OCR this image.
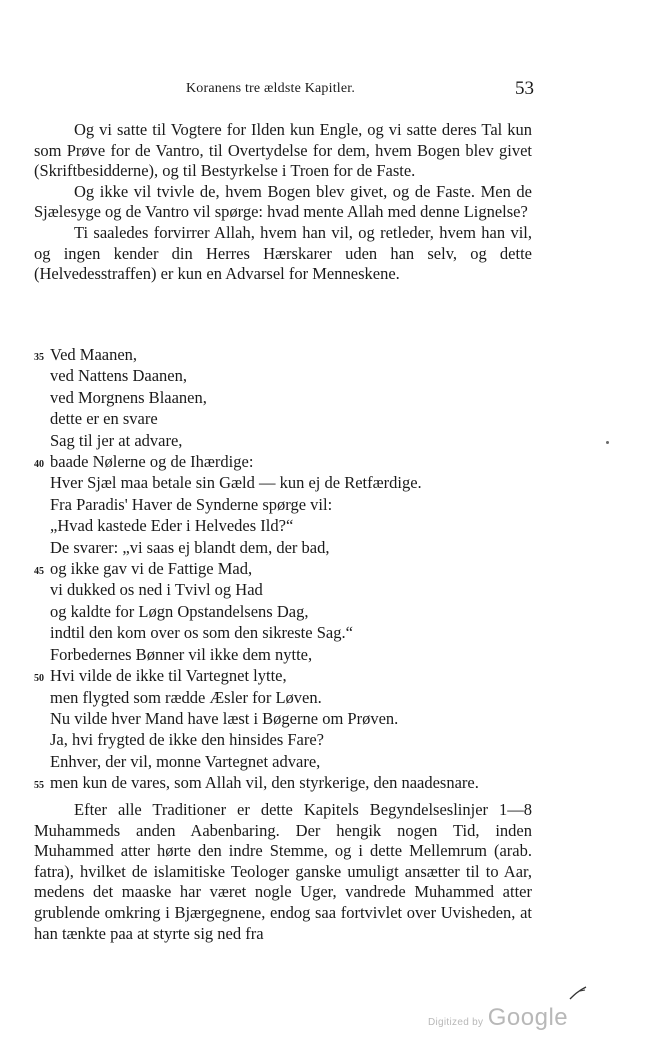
Koranens tre ældste Kapitler.	53

Og vi satte til Vogtere for Ilden kun Engle, og vi satte deres Tal kun som Prøve for de Vantro, til Overtydelse for dem, hvem Bogen blev givet (Skriftbesidderne), og til Bestyrkelse i Troen for de Faste.

Og ikke vil tvivle de, hvem Bogen blev givet, og de Faste. Men de Sjælesyge og de Vantro vil spørge: hvad mente Allah med denne Lignelse?

Ti saaledes forvirrer Allah, hvem han vil, og retleder, hvem han vil, og ingen kender din Herres Hærskarer uden han selv, og dette (Helvedesstraffen) er kun en Advarsel for Menneskene.

35 Ved Maanen,
ved Nattens Daanen,
ved Morgnens Blaanen,
dette er en svare
Sag til jer at advare,
40 baade Nølerne og de Ihærdige:
Hver Sjæl maa betale sin Gæld — kun ej de Retfærdige.
Fra Paradis' Haver de Synderne spørge vil:
„Hvad kastede Eder i Helvedes Ild?“
De svarer: „vi saas ej blandt dem, der bad,
45 og ikke gav vi de Fattige Mad,
vi dukked os ned i Tvivl og Had
og kaldte for Løgn Opstandelsens Dag,
indtil den kom over os som den sikreste Sag.“
Forbedernes Bønner vil ikke dem nytte,
50 Hvi vilde de ikke til Vartegnet lytte,
men flygted som rædde Æsler for Løven.
Nu vilde hver Mand have læst i Bøgerne om Prøven.
Ja, hvi frygted de ikke den hinsides Fare?
Enhver, der vil, monne Vartegnet advare,
55 men kun de vares, som Allah vil, den styrkerige, den naadesnare.

Efter alle Traditioner er dette Kapitels Begyndelseslinjer 1—8 Muhammeds anden Aabenbaring. Der hengik nogen Tid, inden Muhammed atter hørte den indre Stemme, og i dette Mellemrum (arab. fatra), hvilket de islamitiske Teologer ganske umuligt ansætter til to Aar, medens det maaske har været nogle Uger, vandrede Muhammed atter grublende omkring i Bjærgegnene, endog saa fortvivlet over Uvisheden, at han tænkte paa at styrte sig ned fra

Digitized by Google
